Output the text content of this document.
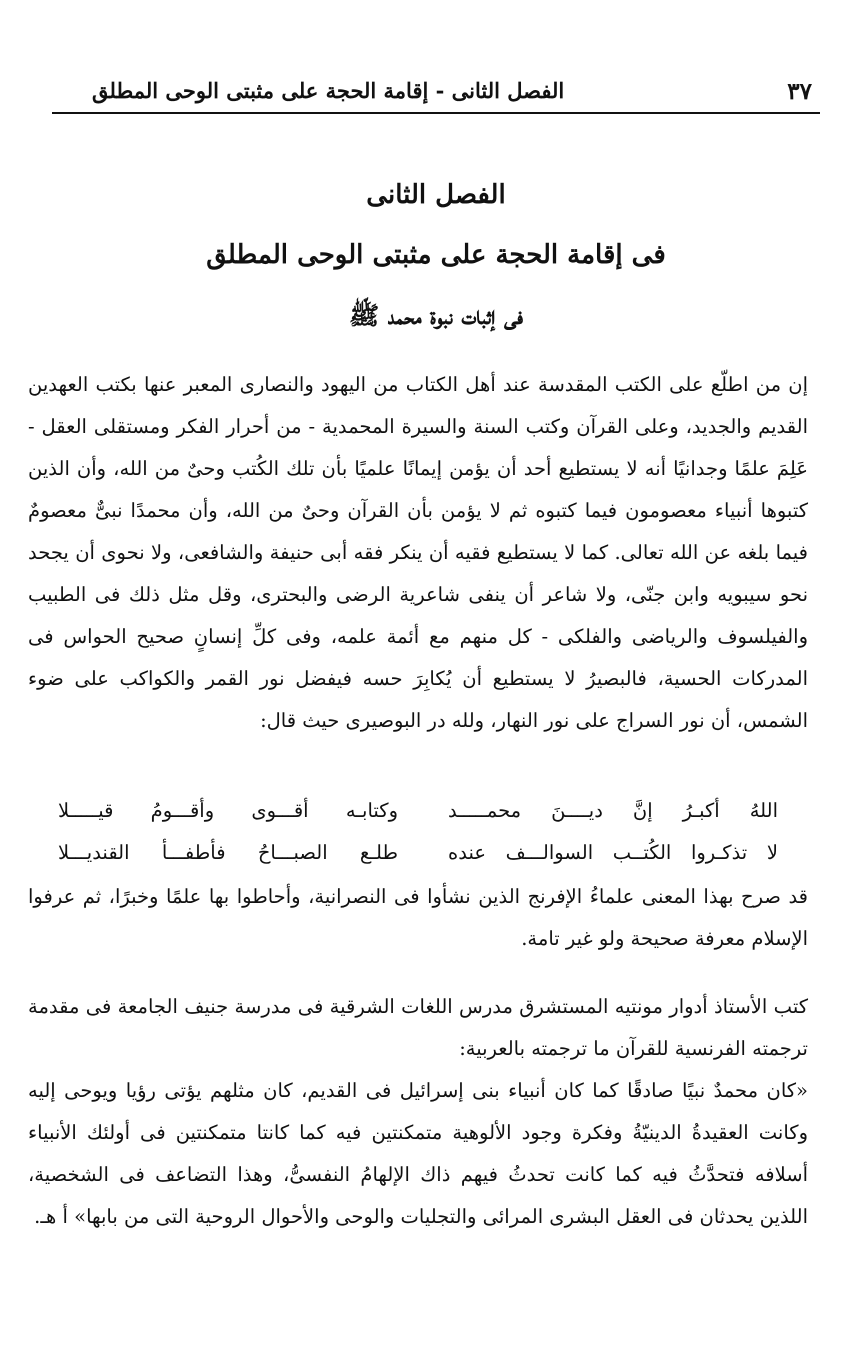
٣٧
الفصل الثانى - إقامة الحجة على مثبتى الوحى المطلق
الفصل الثانى
فى إقامة الحجة على مثبتى الوحى المطلق
فى إثبات نبوة محمد ﷺ
إن من اطلّع على الكتب المقدسة عند أهل الكتاب من اليهود والنصارى المعبر عنها بكتب العهدين القديم والجديد، وعلى القرآن وكتب السنة والسيرة المحمدية - من أحرار الفكر ومستقلى العقل - عَلِمَ علمًا وجدانيًا أنه لا يستطيع أحد أن يؤمن إيمانًا علميًا بأن تلك الكُتب وحىٌ من الله، وأن الذين كتبوها أنبياء معصومون فيما كتبوه ثم لا يؤمن بأن القرآن وحىٌ من الله، وأن محمدًا نبىٌّ معصومٌ فيما بلغه عن الله تعالى. كما لا يستطيع فقيه أن ينكر فقه أبى حنيفة والشافعى، ولا نحوى أن يجحد نحو سيبويه وابن جنّى، ولا شاعر أن ينفى شاعرية الرضى والبحترى، وقل مثل ذلك فى الطبيب والفيلسوف والرياضى والفلكى - كل منهم مع أئمة علمه، وفى كلِّ إنسانٍ صحيح الحواس فى المدركات الحسية، فالبصيرُ لا يستطيع أن يُكابِرَ حسه فيفضل نور القمر والكواكب على ضوء الشمس، أن نور السراج على نور النهار، ولله در البوصيرى حيث قال:
اللهُ أكبـرُ إنَّ ديــــنَ محمـــــد
وكتابـه أقـــوى وأقـــومُ قيـــــلا
لا تذكـروا الكُتــب السوالـــف عنده
طلـع الصبـــاحُ فأطفـــأ القنديـــلا
قد صرح بهذا المعنى علماءُ الإفرنج الذين نشأوا فى النصرانية، وأحاطوا بها علمًا وخبرًا، ثم عرفوا الإسلام معرفة صحيحة ولو غير تامة.
كتب الأستاذ أدوار مونتيه المستشرق مدرس اللغات الشرقية فى مدرسة جنيف الجامعة فى مقدمة ترجمته الفرنسية للقرآن ما ترجمته بالعربية:
«كان محمدٌ نبيًا صادقًا كما كان أنبياء بنى إسرائيل فى القديم، كان مثلهم يؤتى رؤيا ويوحى إليه وكانت العقيدةُ الدينيّةُ وفكرة وجود الألوهية متمكنتين فيه كما كانتا متمكنتين فى أولئك الأنبياء أسلافه فتحدَّثُ فيه كما كانت تحدثُ فيهم ذاك الإلهامُ النفسىُّ، وهذا التضاعف فى الشخصية، اللذين يحدثان فى العقل البشرى المرائى والتجليات والوحى والأحوال الروحية التى من بابها» أ هـ.
